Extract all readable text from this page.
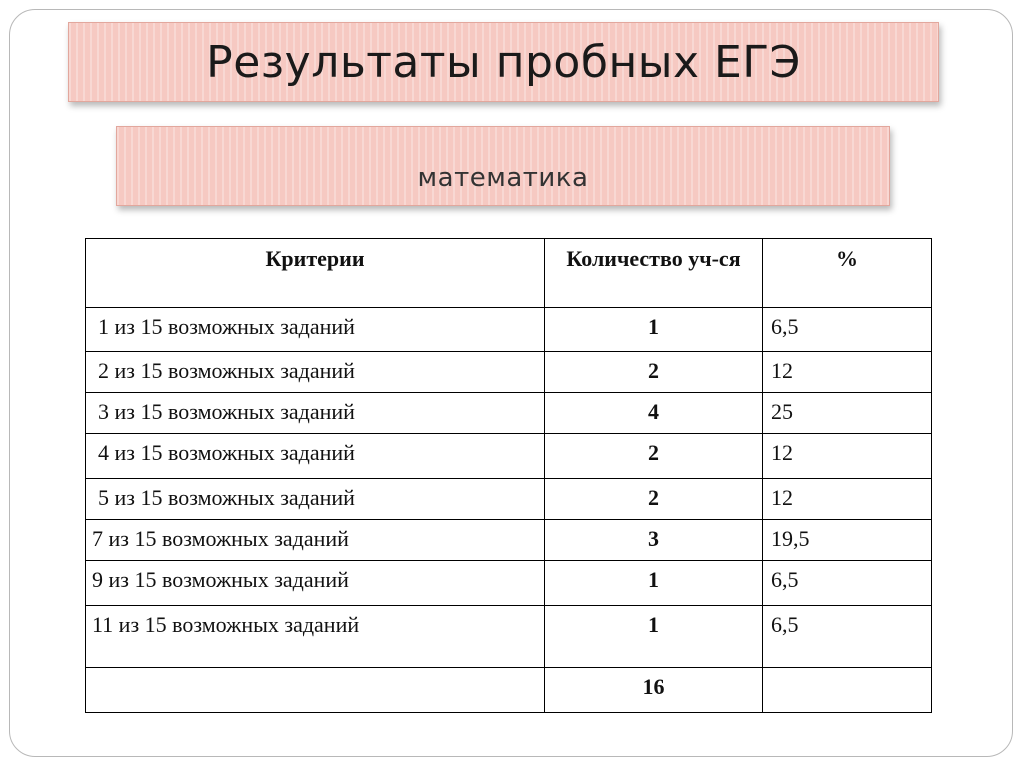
Результаты пробных ЕГЭ
математика
Критерии	Количество уч-ся	%
1 из 15 возможных заданий	1	6,5
2 из 15 возможных заданий	2	12
3 из 15 возможных заданий	4	25
4 из 15 возможных заданий	2	12
5 из 15 возможных заданий	2	12
7 из 15 возможных заданий	3	19,5
9 из 15 возможных заданий	1	6,5
11 из 15 возможных заданий	1	6,5
	16	
